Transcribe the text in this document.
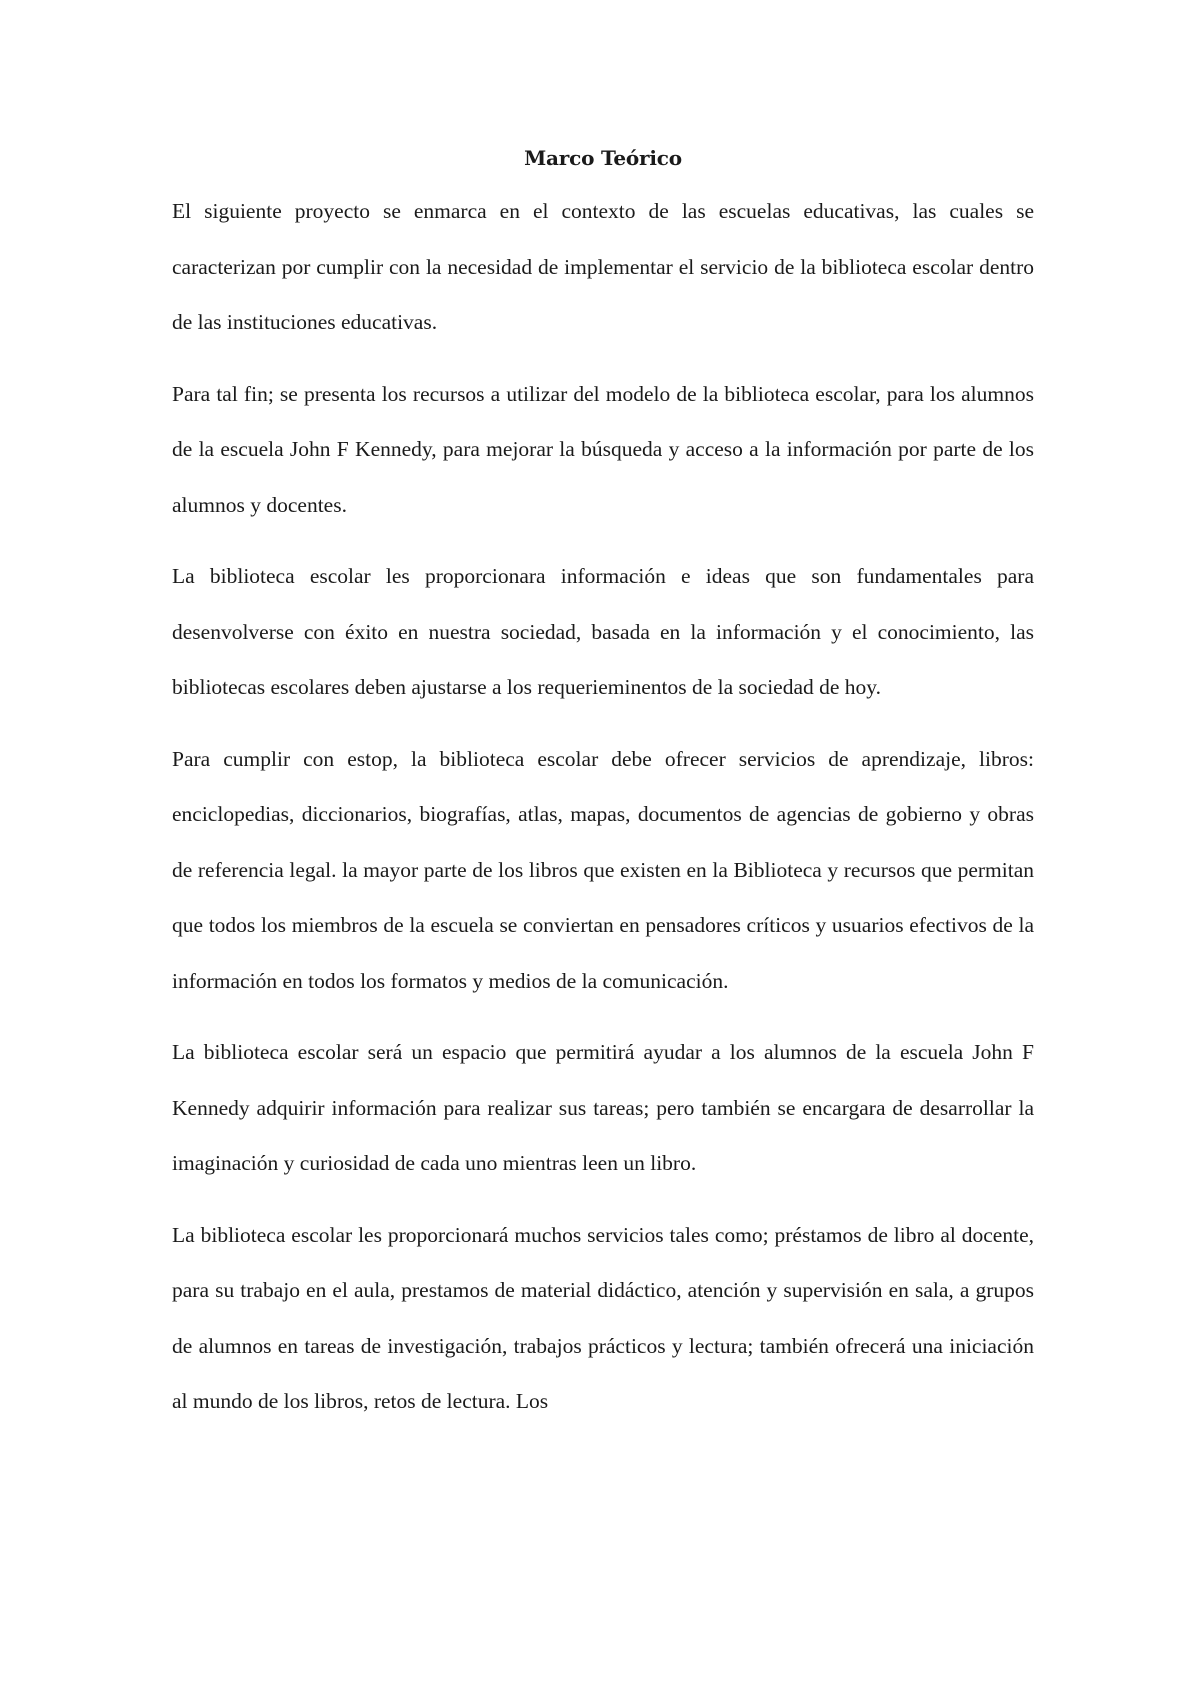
Marco Teórico

El siguiente proyecto se enmarca en el contexto de las escuelas educativas, las cuales se caracterizan por cumplir con la necesidad de implementar el servicio de la biblioteca escolar dentro de las instituciones educativas.

Para tal fin; se presenta los recursos a utilizar del modelo de la biblioteca escolar, para los alumnos de la escuela John F Kennedy, para mejorar la búsqueda y acceso a la información por parte de los alumnos y docentes.

La biblioteca escolar les proporcionara información e ideas que son fundamentales para desenvolverse con éxito en nuestra sociedad, basada en la información y el conocimiento, las bibliotecas escolares deben ajustarse a los requerieminentos de la sociedad de hoy.

Para cumplir con estop, la biblioteca escolar debe ofrecer servicios de aprendizaje, libros: enciclopedias, diccionarios, biografías, atlas, mapas, documentos de agencias de gobierno y obras de referencia legal. la mayor parte de los libros que existen en la Biblioteca y recursos que permitan que todos los miembros de la escuela se conviertan en pensadores críticos y usuarios efectivos de la información en todos los formatos y medios de la comunicación.

La biblioteca escolar será un espacio que permitirá ayudar a los alumnos de la escuela John F Kennedy adquirir información para realizar sus tareas; pero también se encargara de desarrollar la imaginación y curiosidad de cada uno mientras leen un libro.

La biblioteca escolar les proporcionará muchos servicios tales como; préstamos de libro al docente, para su trabajo en el aula, prestamos de material didáctico, atención y supervisión en sala, a grupos de alumnos en tareas de investigación, trabajos prácticos y lectura; también ofrecerá una iniciación al mundo de los libros, retos de lectura. Los
